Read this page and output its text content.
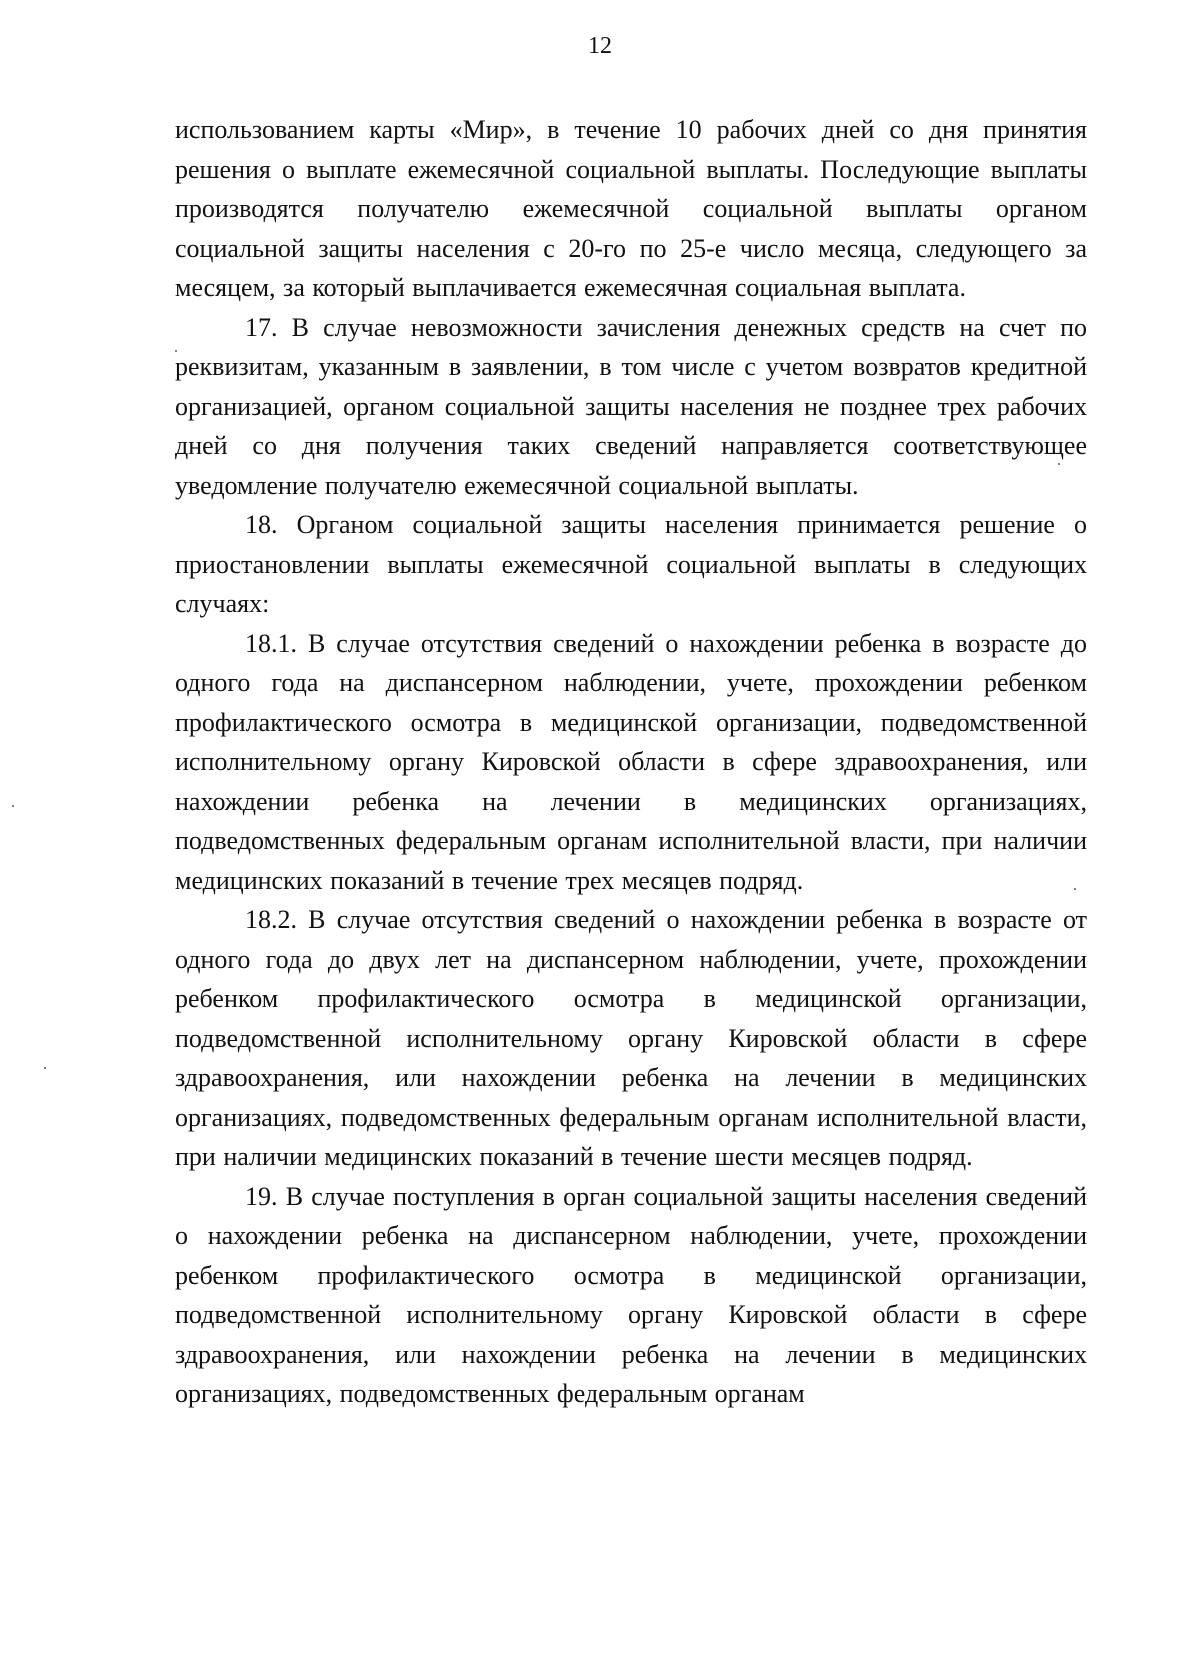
12

использованием карты «Мир», в течение 10 рабочих дней со дня принятия решения о выплате ежемесячной социальной выплаты. Последующие выплаты производятся получателю ежемесячной социальной выплаты органом социальной защиты населения с 20-го по 25-е число месяца, следующего за месяцем, за который выплачивается ежемесячная социальная выплата.

17. В случае невозможности зачисления денежных средств на счет по реквизитам, указанным в заявлении, в том числе с учетом возвратов кредитной организацией, органом социальной защиты населения не позднее трех рабочих дней со дня получения таких сведений направляется соответствующее уведомление получателю ежемесячной социальной выплаты.

18. Органом социальной защиты населения принимается решение о приостановлении выплаты ежемесячной социальной выплаты в следующих случаях:

18.1. В случае отсутствия сведений о нахождении ребенка в возрасте до одного года на диспансерном наблюдении, учете, прохождении ребенком профилактического осмотра в медицинской организации, подведомственной исполнительному органу Кировской области в сфере здравоохранения, или нахождении ребенка на лечении в медицинских организациях, подведомственных федеральным органам исполнительной власти, при наличии медицинских показаний в течение трех месяцев подряд.

18.2. В случае отсутствия сведений о нахождении ребенка в возрасте от одного года до двух лет на диспансерном наблюдении, учете, прохождении ребенком профилактического осмотра в медицинской организации, подведомственной исполнительному органу Кировской области в сфере здравоохранения, или нахождении ребенка на лечении в медицинских организациях, подведомственных федеральным органам исполнительной власти, при наличии медицинских показаний в течение шести месяцев подряд.

19. В случае поступления в орган социальной защиты населения сведений о нахождении ребенка на диспансерном наблюдении, учете, прохождении ребенком профилактического осмотра в медицинской организации, подведомственной исполнительному органу Кировской области в сфере здравоохранения, или нахождении ребенка на лечении в медицинских организациях, подведомственных федеральным органам
